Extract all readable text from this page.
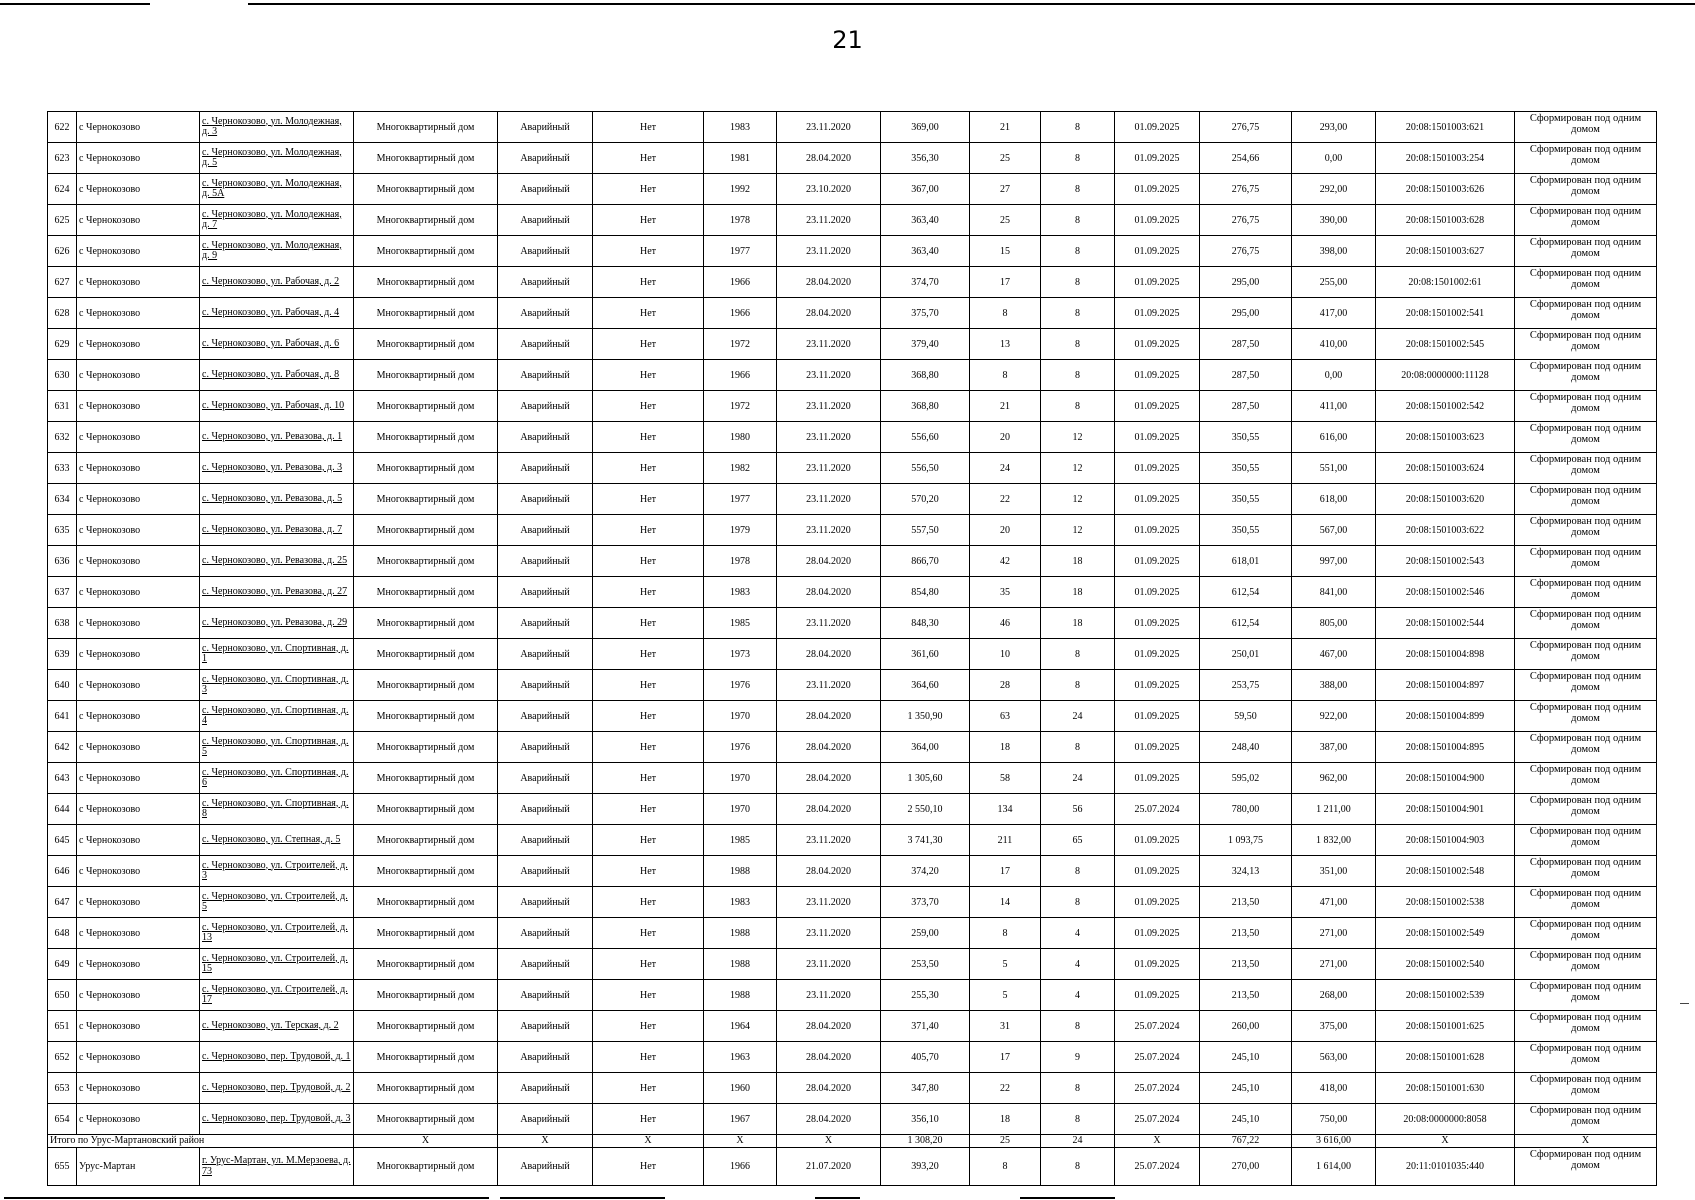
21
622	с Чернокозово	с. Чернокозово, ул. Молодежная, д. 3	Многоквартирный дом	Аварийный	Нет	1983	23.11.2020	369,00	21	8	01.09.2025	276,75	293,00	20:08:1501003:621	Сформирован под одним домом
623	с Чернокозово	с. Чернокозово, ул. Молодежная, д. 5	Многоквартирный дом	Аварийный	Нет	1981	28.04.2020	356,30	25	8	01.09.2025	254,66	0,00	20:08:1501003:254	Сформирован под одним домом
624	с Чернокозово	с. Чернокозово, ул. Молодежная, д. 5А	Многоквартирный дом	Аварийный	Нет	1992	23.10.2020	367,00	27	8	01.09.2025	276,75	292,00	20:08:1501003:626	Сформирован под одним домом
625	с Чернокозово	с. Чернокозово, ул. Молодежная, д. 7	Многоквартирный дом	Аварийный	Нет	1978	23.11.2020	363,40	25	8	01.09.2025	276,75	390,00	20:08:1501003:628	Сформирован под одним домом
626	с Чернокозово	с. Чернокозово, ул. Молодежная, д. 9	Многоквартирный дом	Аварийный	Нет	1977	23.11.2020	363,40	15	8	01.09.2025	276,75	398,00	20:08:1501003:627	Сформирован под одним домом
627	с Чернокозово	с. Чернокозово, ул. Рабочая, д. 2	Многоквартирный дом	Аварийный	Нет	1966	28.04.2020	374,70	17	8	01.09.2025	295,00	255,00	20:08:1501002:61	Сформирован под одним домом
628	с Чернокозово	с. Чернокозово, ул. Рабочая, д. 4	Многоквартирный дом	Аварийный	Нет	1966	28.04.2020	375,70	8	8	01.09.2025	295,00	417,00	20:08:1501002:541	Сформирован под одним домом
629	с Чернокозово	с. Чернокозово, ул. Рабочая, д. 6	Многоквартирный дом	Аварийный	Нет	1972	23.11.2020	379,40	13	8	01.09.2025	287,50	410,00	20:08:1501002:545	Сформирован под одним домом
630	с Чернокозово	с. Чернокозово, ул. Рабочая, д. 8	Многоквартирный дом	Аварийный	Нет	1966	23.11.2020	368,80	8	8	01.09.2025	287,50	0,00	20:08:0000000:11128	Сформирован под одним домом
631	с Чернокозово	с. Чернокозово, ул. Рабочая, д. 10	Многоквартирный дом	Аварийный	Нет	1972	23.11.2020	368,80	21	8	01.09.2025	287,50	411,00	20:08:1501002:542	Сформирован под одним домом
632	с Чернокозово	с. Чернокозово, ул. Ревазова, д. 1	Многоквартирный дом	Аварийный	Нет	1980	23.11.2020	556,60	20	12	01.09.2025	350,55	616,00	20:08:1501003:623	Сформирован под одним домом
633	с Чернокозово	с. Чернокозово, ул. Ревазова, д. 3	Многоквартирный дом	Аварийный	Нет	1982	23.11.2020	556,50	24	12	01.09.2025	350,55	551,00	20:08:1501003:624	Сформирован под одним домом
634	с Чернокозово	с. Чернокозово, ул. Ревазова, д. 5	Многоквартирный дом	Аварийный	Нет	1977	23.11.2020	570,20	22	12	01.09.2025	350,55	618,00	20:08:1501003:620	Сформирован под одним домом
635	с Чернокозово	с. Чернокозово, ул. Ревазова, д. 7	Многоквартирный дом	Аварийный	Нет	1979	23.11.2020	557,50	20	12	01.09.2025	350,55	567,00	20:08:1501003:622	Сформирован под одним домом
636	с Чернокозово	с. Чернокозово, ул. Ревазова, д. 25	Многоквартирный дом	Аварийный	Нет	1978	28.04.2020	866,70	42	18	01.09.2025	618,01	997,00	20:08:1501002:543	Сформирован под одним домом
637	с Чернокозово	с. Чернокозово, ул. Ревазова, д. 27	Многоквартирный дом	Аварийный	Нет	1983	28.04.2020	854,80	35	18	01.09.2025	612,54	841,00	20:08:1501002:546	Сформирован под одним домом
638	с Чернокозово	с. Чернокозово, ул. Ревазова, д. 29	Многоквартирный дом	Аварийный	Нет	1985	23.11.2020	848,30	46	18	01.09.2025	612,54	805,00	20:08:1501002:544	Сформирован под одним домом
639	с Чернокозово	с. Чернокозово, ул. Спортивная, д. 1	Многоквартирный дом	Аварийный	Нет	1973	28.04.2020	361,60	10	8	01.09.2025	250,01	467,00	20:08:1501004:898	Сформирован под одним домом
640	с Чернокозово	с. Чернокозово, ул. Спортивная, д. 3	Многоквартирный дом	Аварийный	Нет	1976	23.11.2020	364,60	28	8	01.09.2025	253,75	388,00	20:08:1501004:897	Сформирован под одним домом
641	с Чернокозово	с. Чернокозово, ул. Спортивная, д. 4	Многоквартирный дом	Аварийный	Нет	1970	28.04.2020	1 350,90	63	24	01.09.2025	59,50	922,00	20:08:1501004:899	Сформирован под одним домом
642	с Чернокозово	с. Чернокозово, ул. Спортивная, д. 5	Многоквартирный дом	Аварийный	Нет	1976	28.04.2020	364,00	18	8	01.09.2025	248,40	387,00	20:08:1501004:895	Сформирован под одним домом
643	с Чернокозово	с. Чернокозово, ул. Спортивная, д. 6	Многоквартирный дом	Аварийный	Нет	1970	28.04.2020	1 305,60	58	24	01.09.2025	595,02	962,00	20:08:1501004:900	Сформирован под одним домом
644	с Чернокозово	с. Чернокозово, ул. Спортивная, д. 8	Многоквартирный дом	Аварийный	Нет	1970	28.04.2020	2 550,10	134	56	25.07.2024	780,00	1 211,00	20:08:1501004:901	Сформирован под одним домом
645	с Чернокозово	с. Чернокозово, ул. Степная, д. 5	Многоквартирный дом	Аварийный	Нет	1985	23.11.2020	3 741,30	211	65	01.09.2025	1 093,75	1 832,00	20:08:1501004:903	Сформирован под одним домом
646	с Чернокозово	с. Чернокозово, ул. Строителей, д. 3	Многоквартирный дом	Аварийный	Нет	1988	28.04.2020	374,20	17	8	01.09.2025	324,13	351,00	20:08:1501002:548	Сформирован под одним домом
647	с Чернокозово	с. Чернокозово, ул. Строителей, д. 5	Многоквартирный дом	Аварийный	Нет	1983	23.11.2020	373,70	14	8	01.09.2025	213,50	471,00	20:08:1501002:538	Сформирован под одним домом
648	с Чернокозово	с. Чернокозово, ул. Строителей, д. 13	Многоквартирный дом	Аварийный	Нет	1988	23.11.2020	259,00	8	4	01.09.2025	213,50	271,00	20:08:1501002:549	Сформирован под одним домом
649	с Чернокозово	с. Чернокозово, ул. Строителей, д. 15	Многоквартирный дом	Аварийный	Нет	1988	23.11.2020	253,50	5	4	01.09.2025	213,50	271,00	20:08:1501002:540	Сформирован под одним домом
650	с Чернокозово	с. Чернокозово, ул. Строителей, д. 17	Многоквартирный дом	Аварийный	Нет	1988	23.11.2020	255,30	5	4	01.09.2025	213,50	268,00	20:08:1501002:539	Сформирован под одним домом
651	с Чернокозово	с. Чернокозово, ул. Терская, д. 2	Многоквартирный дом	Аварийный	Нет	1964	28.04.2020	371,40	31	8	25.07.2024	260,00	375,00	20:08:1501001:625	Сформирован под одним домом
652	с Чернокозово	с. Чернокозово, пер. Трудовой, д. 1	Многоквартирный дом	Аварийный	Нет	1963	28.04.2020	405,70	17	9	25.07.2024	245,10	563,00	20:08:1501001:628	Сформирован под одним домом
653	с Чернокозово	с. Чернокозово, пер. Трудовой, д. 2	Многоквартирный дом	Аварийный	Нет	1960	28.04.2020	347,80	22	8	25.07.2024	245,10	418,00	20:08:1501001:630	Сформирован под одним домом
654	с Чернокозово	с. Чернокозово, пер. Трудовой, д. 3	Многоквартирный дом	Аварийный	Нет	1967	28.04.2020	356,10	18	8	25.07.2024	245,10	750,00	20:08:0000000:8058	Сформирован под одним домом
Итого по Урус-Мартановский район			X	X	X	X	X	1 308,20	25	24	X	767,22	3 616,00	X	X
655	Урус-Мартан	г. Урус-Мартан, ул. М.Мерзоева, д. 73	Многоквартирный дом	Аварийный	Нет	1966	21.07.2020	393,20	8	8	25.07.2024	270,00	1 614,00	20:11:0101035:440	Сформирован под одним домом
